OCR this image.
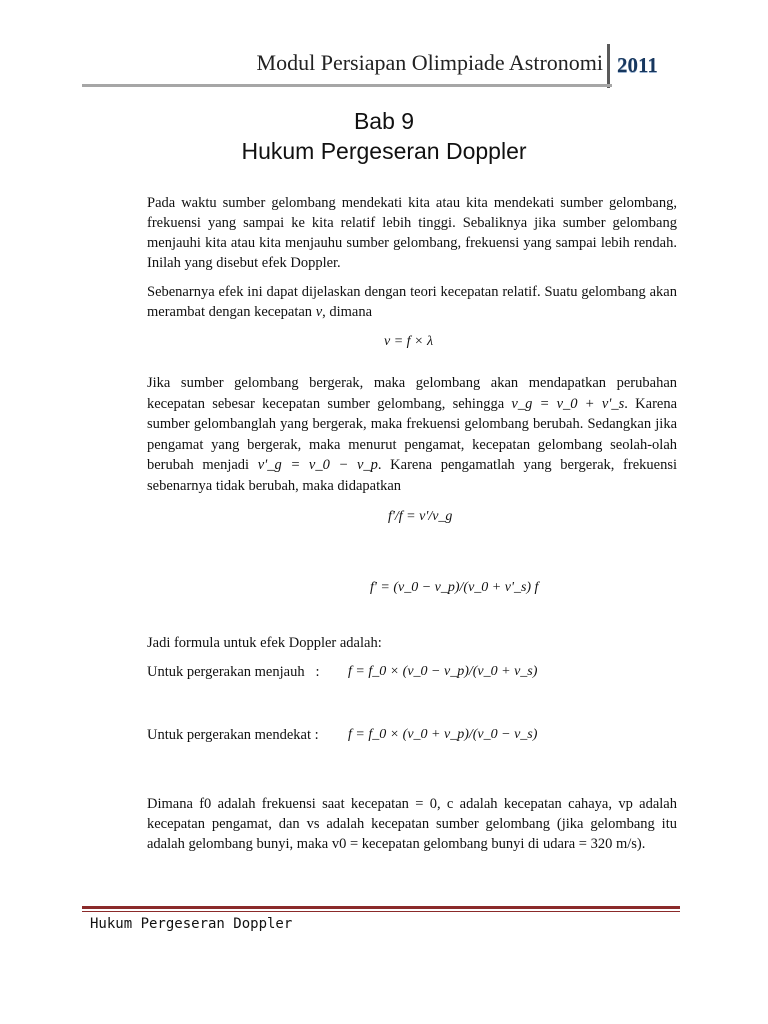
Modul Persiapan Olimpiade Astronomi 2011
Bab 9
Hukum Pergeseran Doppler
Pada waktu sumber gelombang mendekati kita atau kita mendekati sumber gelombang, frekuensi yang sampai ke kita relatif lebih tinggi. Sebaliknya jika sumber gelombang menjauhi kita atau kita menjauhu sumber gelombang, frekuensi yang sampai lebih rendah. Inilah yang disebut efek Doppler.
Sebenarnya efek ini dapat dijelaskan dengan teori kecepatan relatif. Suatu gelombang akan merambat dengan kecepatan v, dimana
v = f × λ
Jika sumber gelombang bergerak, maka gelombang akan mendapatkan perubahan kecepatan sebesar kecepatan sumber gelombang, sehingga v_g = v_0 + v'_s. Karena sumber gelombanglah yang bergerak, maka frekuensi gelombang berubah. Sedangkan jika pengamat yang bergerak, maka menurut pengamat, kecepatan gelombang seolah-olah berubah menjadi v'_g = v_0 − v_p. Karena pengamatlah yang bergerak, frekuensi sebenarnya tidak berubah, maka didapatkan
f'/f = v'/v_g
f' = (v_0 − v_p)/(v_0 + v'_s) f
Jadi formula untuk efek Doppler adalah:
Untuk pergerakan menjauh   : f = f_0 × (v_0 − v_p)/(v_0 + v_s)
Untuk pergerakan mendekat : f = f_0 × (v_0 + v_p)/(v_0 − v_s)
Dimana f0 adalah frekuensi saat kecepatan = 0, c adalah kecepatan cahaya, vp adalah kecepatan pengamat, dan vs adalah kecepatan sumber gelombang (jika gelombang itu adalah gelombang bunyi, maka v0 = kecepatan gelombang bunyi di udara = 320 m/s).
Hukum Pergeseran Doppler
